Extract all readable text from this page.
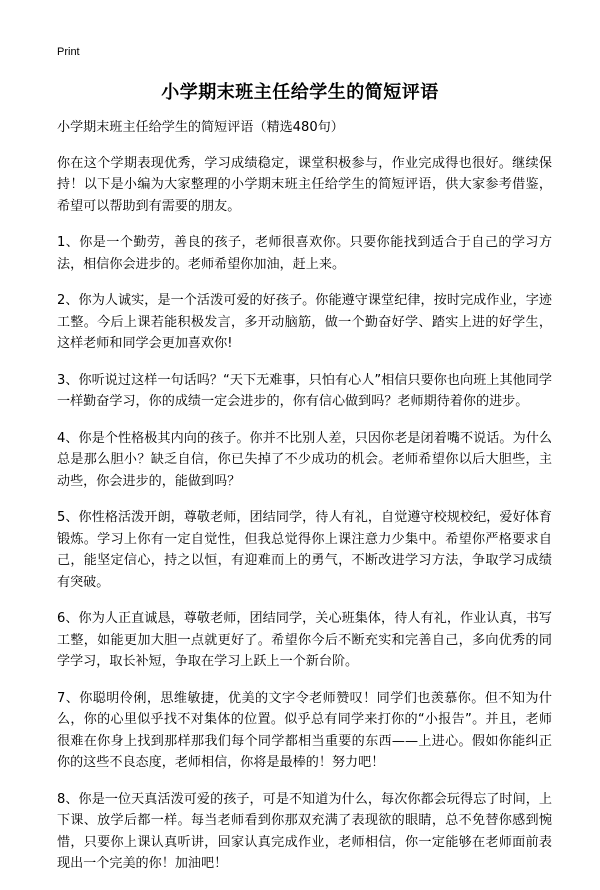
Print
小学期末班主任给学生的简短评语

小学期末班主任给学生的简短评语（精选480句）

你在这个学期表现优秀，学习成绩稳定，课堂积极参与，作业完成得也很好。继续保持！以下是小编为大家整理的小学期末班主任给学生的简短评语，供大家参考借鉴，希望可以帮助到有需要的朋友。

1、你是一个勤劳，善良的孩子，老师很喜欢你。只要你能找到适合于自己的学习方法，相信你会进步的。老师希望你加油，赶上来。

2、你为人诚实，是一个活泼可爱的好孩子。你能遵守课堂纪律，按时完成作业，字迹工整。今后上课若能积极发言，多开动脑筋，做一个勤奋好学、踏实上进的好学生，这样老师和同学会更加喜欢你!

3、你听说过这样一句话吗？“天下无难事，只怕有心人”相信只要你也向班上其他同学一样勤奋学习，你的成绩一定会进步的，你有信心做到吗？老师期待着你的进步。

4、你是个性格极其内向的孩子。你并不比别人差，只因你老是闭着嘴不说话。为什么总是那么胆小？缺乏自信，你已失掉了不少成功的机会。老师希望你以后大胆些，主动些，你会进步的，能做到吗？

5、你性格活泼开朗，尊敬老师，团结同学，待人有礼，自觉遵守校规校纪，爱好体育锻炼。学习上你有一定自觉性，但我总觉得你上课注意力少集中。希望你严格要求自己，能坚定信心，持之以恒，有迎难而上的勇气，不断改进学习方法，争取学习成绩有突破。

6、你为人正直诚恳，尊敬老师，团结同学，关心班集体，待人有礼，作业认真，书写工整，如能更加大胆一点就更好了。希望你今后不断充实和完善自己，多向优秀的同学学习，取长补短，争取在学习上跃上一个新台阶。

7、你聪明伶俐，思维敏捷，优美的文字令老师赞叹！同学们也羡慕你。但不知为什么，你的心里似乎找不对集体的位置。似乎总有同学来打你的“小报告”。并且，老师很难在你身上找到那样那我们每个同学都相当重要的东西——上进心。假如你能纠正你的这些不良态度，老师相信，你将是最棒的！努力吧！

8、你是一位天真活泼可爱的孩子，可是不知道为什么，每次你都会玩得忘了时间，上下课、放学后都一样。每当老师看到你那双充满了表现欲的眼睛，总不免替你感到惋惜，只要你上课认真听讲，回家认真完成作业，老师相信，你一定能够在老师面前表现出一个完美的你！加油吧！
